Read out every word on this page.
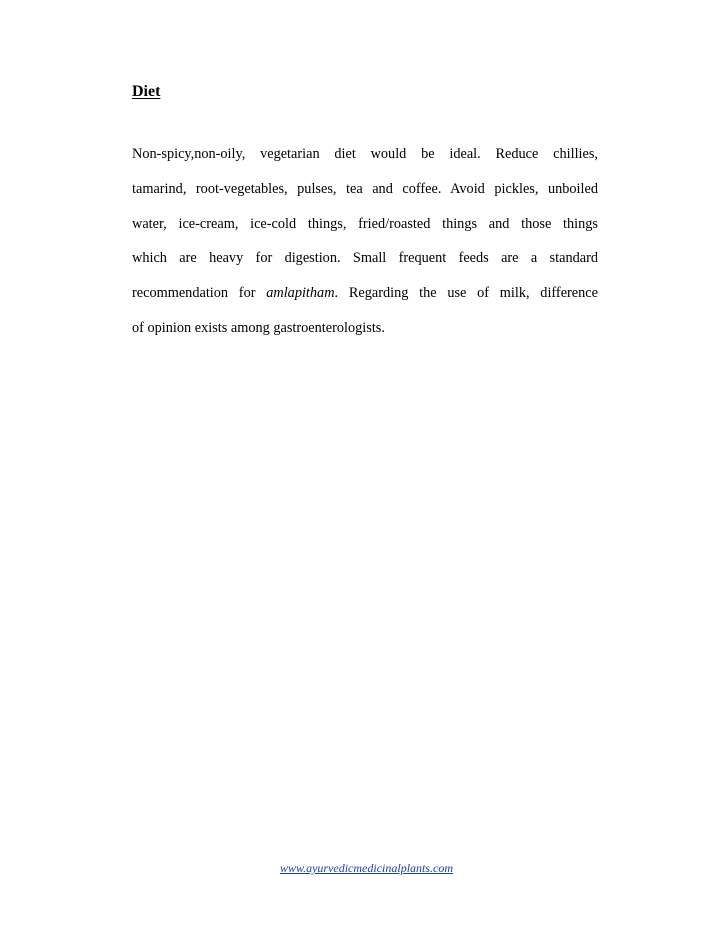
Diet
Non-spicy,non-oily, vegetarian diet would be ideal. Reduce chillies,
tamarind, root-vegetables, pulses, tea and coffee. Avoid pickles, unboiled
water, ice-cream, ice-cold things, fried/roasted things and those things
which are heavy for digestion. Small frequent feeds are a standard
recommendation for amlapitham. Regarding the use of milk, difference
of opinion exists among gastroenterologists.
www.ayurvedicmedicinalplants.com
